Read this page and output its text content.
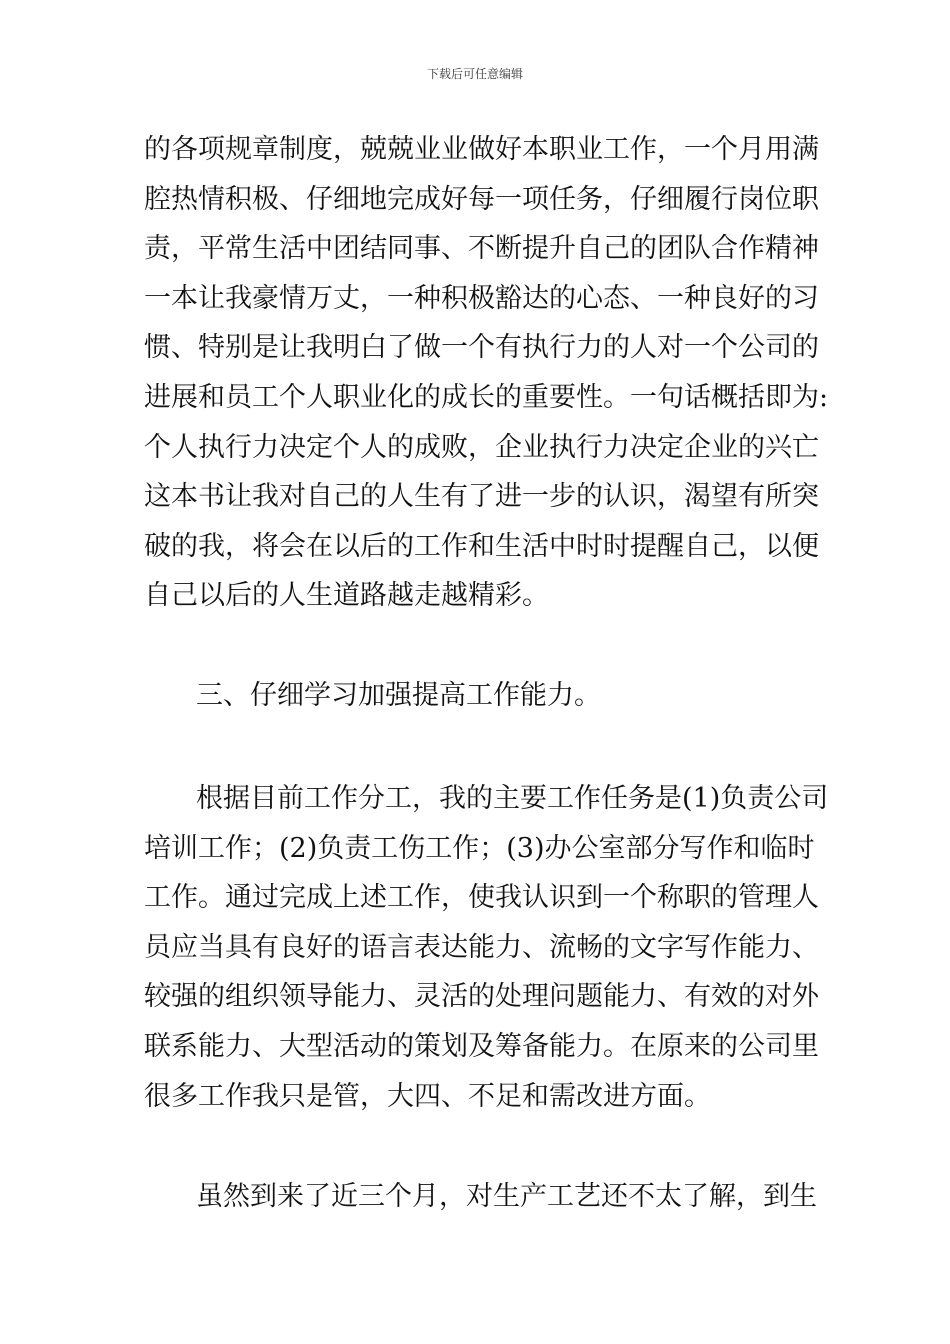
下载后可任意编辑
的各项规章制度，兢兢业业做好本职业工作，一个月用满
腔热情积极、仔细地完成好每一项任务，仔细履行岗位职
责，平常生活中团结同事、不断提升自己的团队合作精神
一本让我豪情万丈，一种积极豁达的心态、一种良好的习
惯、特别是让我明白了做一个有执行力的人对一个公司的
进展和员工个人职业化的成长的重要性。一句话概括即为:
个人执行力决定个人的成败，企业执行力决定企业的兴亡
这本书让我对自己的人生有了进一步的认识，渴望有所突
破的我，将会在以后的工作和生活中时时提醒自己，以便
自己以后的人生道路越走越精彩。
三、仔细学习加强提高工作能力。
根据目前工作分工，我的主要工作任务是(1)负责公司
培训工作；(2)负责工伤工作；(3)办公室部分写作和临时
工作。通过完成上述工作，使我认识到一个称职的管理人
员应当具有良好的语言表达能力、流畅的文字写作能力、
较强的组织领导能力、灵活的处理问题能力、有效的对外
联系能力、大型活动的策划及筹备能力。在原来的公司里
很多工作我只是管，大四、不足和需改进方面。
虽然到来了近三个月，对生产工艺还不太了解，到生
